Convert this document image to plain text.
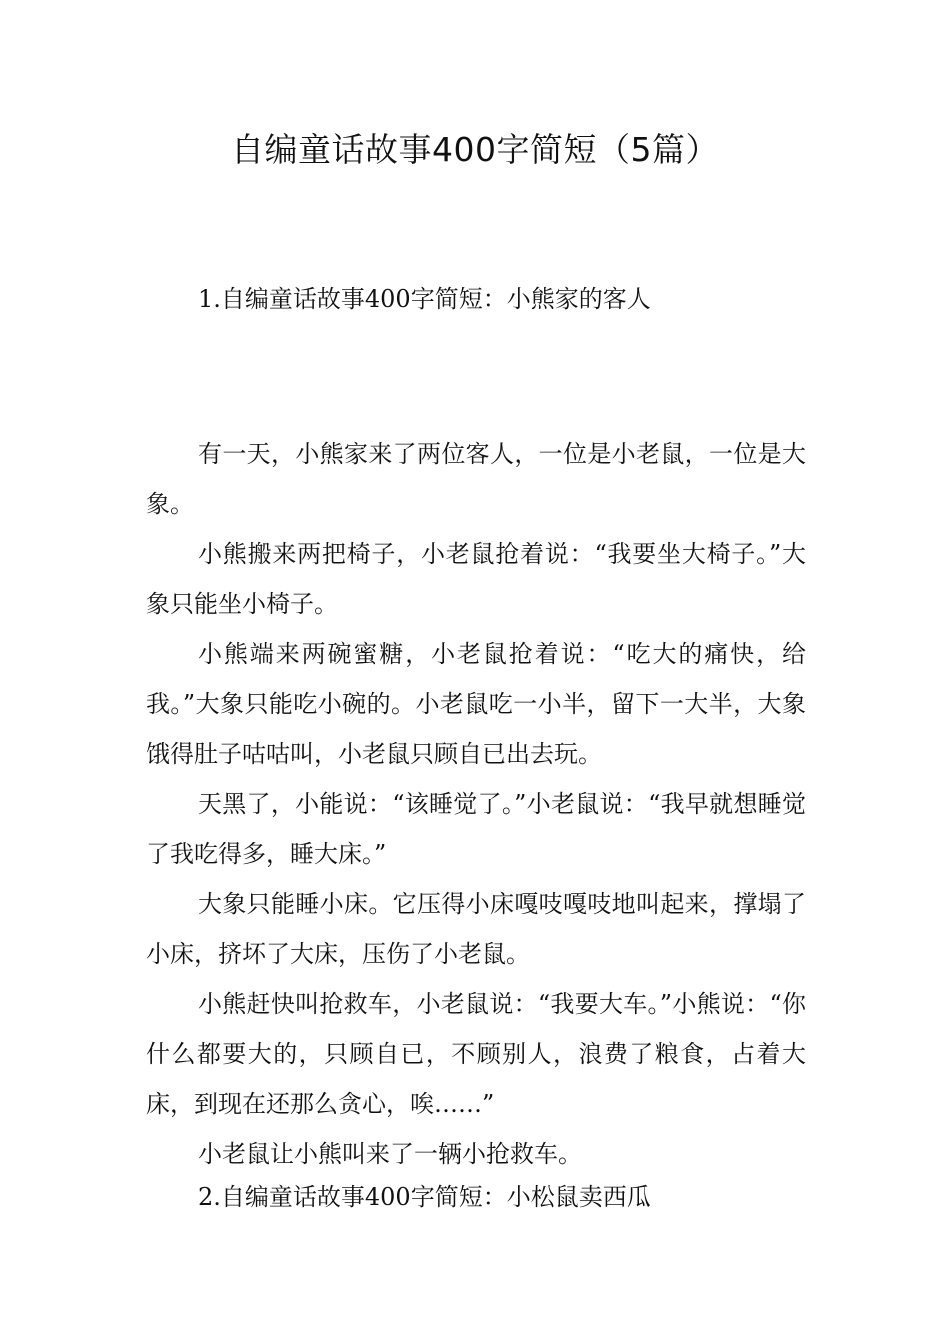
自编童话故事400字简短（5篇）
1.自编童话故事400字简短：小熊家的客人

有一天，小熊家来了两位客人，一位是小老鼠，一位是大象。

小熊搬来两把椅子，小老鼠抢着说：“我要坐大椅子。”大象只能坐小椅子。

小熊端来两碗蜜糖，小老鼠抢着说：“吃大的痛快，给我。”大象只能吃小碗的。小老鼠吃一小半，留下一大半，大象饿得肚子咕咕叫，小老鼠只顾自已出去玩。

天黑了，小能说：“该睡觉了。”小老鼠说：“我早就想睡觉了我吃得多，睡大床。”

大象只能睡小床。它压得小床嘎吱嘎吱地叫起来，撑塌了小床，挤坏了大床，压伤了小老鼠。

小熊赶快叫抢救车，小老鼠说：“我要大车。”小熊说：“你什么都要大的，只顾自已，不顾别人，浪费了粮食，占着大床，到现在还那么贪心，唉……”

小老鼠让小熊叫来了一辆小抢救车。

2.自编童话故事400字简短：小松鼠卖西瓜
